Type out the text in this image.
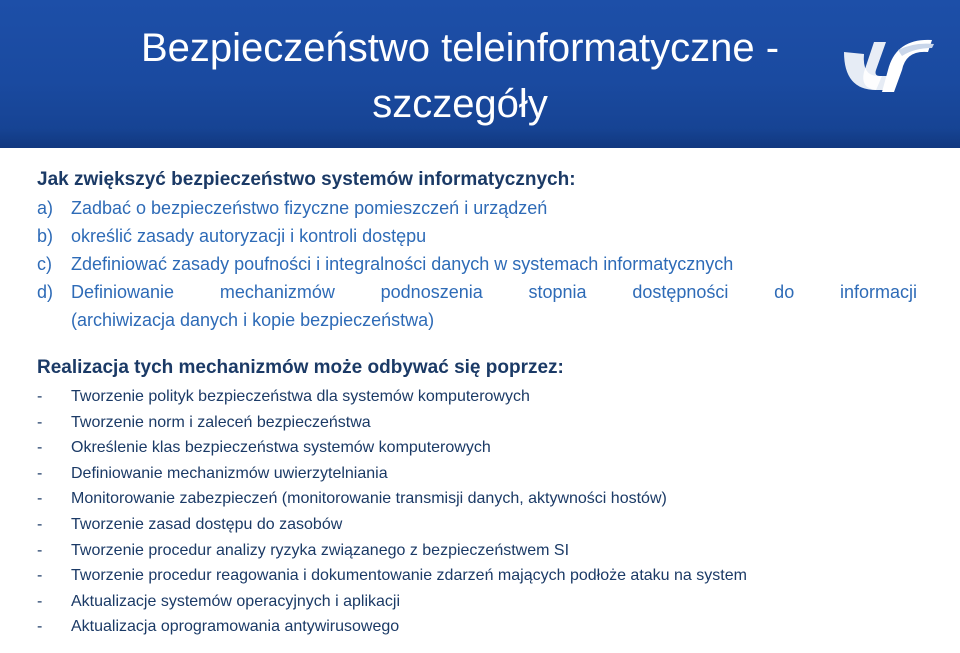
Bezpieczeństwo teleinformatyczne -
szczegóły
Jak zwiększyć bezpieczeństwo systemów informatycznych:
a) Zadbać o bezpieczeństwo fizyczne pomieszczeń i urządzeń
b) określić zasady autoryzacji i kontroli dostępu
c)	Zdefiniować zasady poufności i integralności danych w systemach informatycznych
d) Definiowanie mechanizmów podnoszenia stopnia dostępności do informacji
(archiwizacja danych i kopie bezpieczeństwa)
Realizacja tych mechanizmów może odbywać się poprzez:
-	Tworzenie polityk bezpieczeństwa dla systemów komputerowych
-	Tworzenie norm i zaleceń bezpieczeństwa
-	Określenie klas bezpieczeństwa systemów komputerowych
-	Definiowanie mechanizmów uwierzytelniania
-	Monitorowanie zabezpieczeń (monitorowanie transmisji danych, aktywności hostów)
-	Tworzenie zasad dostępu do zasobów
-	Tworzenie procedur analizy ryzyka związanego z bezpieczeństwem SI
-	Tworzenie procedur reagowania i dokumentowanie zdarzeń mających podłoże ataku na system
-	Aktualizacje systemów operacyjnych i aplikacji
-	Aktualizacja oprogramowania antywirusowego
